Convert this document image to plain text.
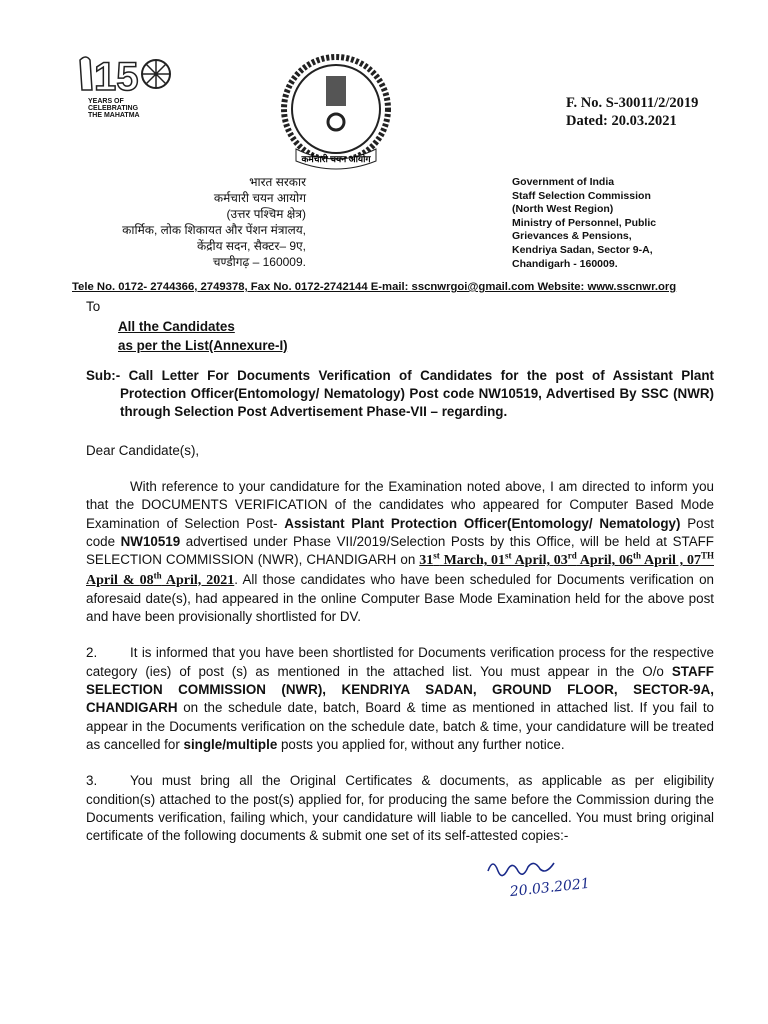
15
YEARS OF
CELEBRATING
THE MAHATMA
कर्मचारी चयन आयोग
F. No. S-30011/2/2019
Dated: 20.03.2021
भारत सरकार
कर्मचारी चयन आयोग
(उत्तर पश्चिम क्षेत्र)
कार्मिक, लोक शिकायत और पेंशन मंत्रालय,
केंद्रीय सदन, सैक्टर– 9ए,
चण्डीगढ़ – 160009.
Government of India
Staff Selection Commission
(North West Region)
Ministry of Personnel, Public
Grievances & Pensions,
Kendriya Sadan, Sector 9-A,
Chandigarh - 160009.
Tele No. 0172- 2744366, 2749378, Fax No. 0172-2742144 E-mail: sscnwrgoi@gmail.com Website: www.sscnwr.org
To
All the Candidates
as per the List(Annexure-I)
Sub:- Call Letter For Documents Verification of Candidates for the post of Assistant Plant Protection Officer(Entomology/ Nematology) Post code NW10519, Advertised By SSC (NWR) through Selection Post Advertisement Phase-VII – regarding.
Dear Candidate(s),
With reference to your candidature for the Examination noted above, I am directed to inform you that the DOCUMENTS VERIFICATION of the candidates who appeared for Computer Based Mode Examination of Selection Post- Assistant Plant Protection Officer(Entomology/ Nematology) Post code NW10519 advertised under Phase VII/2019/Selection Posts by this Office, will be held at STAFF SELECTION COMMISSION (NWR), CHANDIGARH on 31st March, 01st April, 03rd April, 06th April , 07TH April & 08th April, 2021. All those candidates who have been scheduled for Documents verification on aforesaid date(s), had appeared in the online Computer Base Mode Examination held for the above post and have been provisionally shortlisted for DV.
2. It is informed that you have been shortlisted for Documents verification process for the respective category (ies) of post (s) as mentioned in the attached list. You must appear in the O/o STAFF SELECTION COMMISSION (NWR), KENDRIYA SADAN, GROUND FLOOR, SECTOR-9A, CHANDIGARH on the schedule date, batch, Board & time as mentioned in attached list. If you fail to appear in the Documents verification on the schedule date, batch & time, your candidature will be treated as cancelled for single/multiple posts you applied for, without any further notice.
3. You must bring all the Original Certificates & documents, as applicable as per eligibility condition(s) attached to the post(s) applied for, for producing the same before the Commission during the Documents verification, failing which, your candidature will liable to be cancelled. You must bring original certificate of the following documents & submit one set of its self-attested copies:-
20.03.2021
